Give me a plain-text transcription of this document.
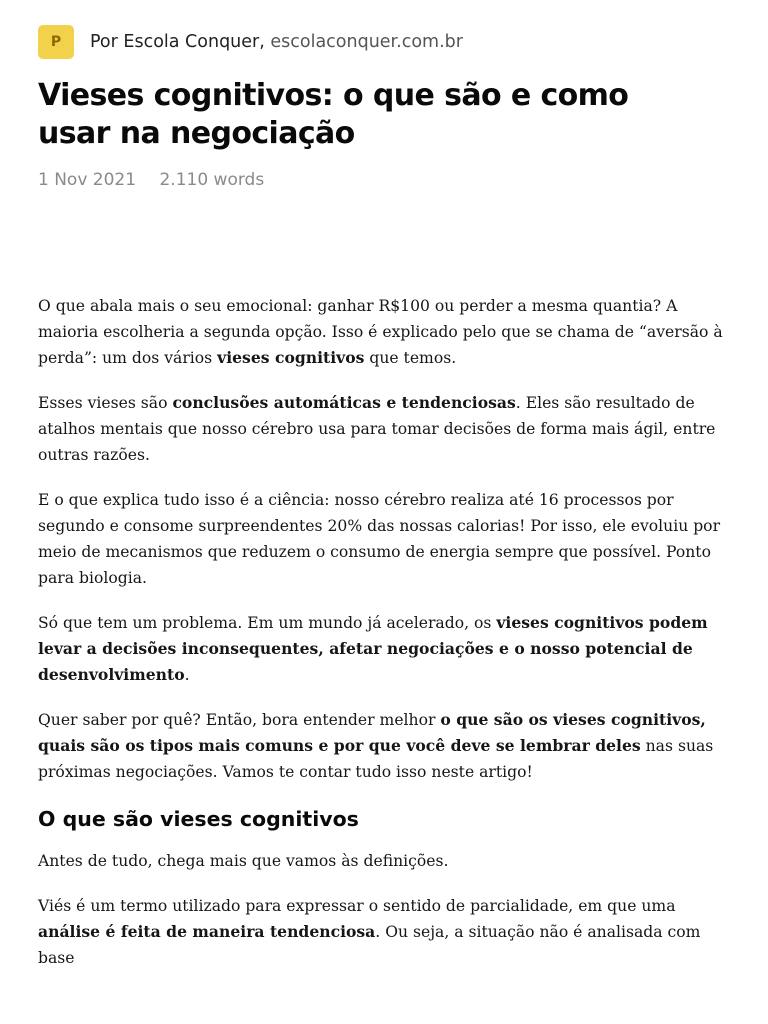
P	Por Escola Conquer, escolaconquer.com.br
Vieses cognitivos: o que são e como usar na negociação
1 Nov 2021 2.110 words

O que abala mais o seu emocional: ganhar R$100 ou perder a mesma quantia? A maioria escolheria a segunda opção. Isso é explicado pelo que se chama de “aversão à perda”: um dos vários vieses cognitivos que temos.

Esses vieses são conclusões automáticas e tendenciosas. Eles são resultado de atalhos mentais que nosso cérebro usa para tomar decisões de forma mais ágil, entre outras razões.

E o que explica tudo isso é a ciência: nosso cérebro realiza até 16 processos por segundo e consome surpreendentes 20% das nossas calorias! Por isso, ele evoluiu por meio de mecanismos que reduzem o consumo de energia sempre que possível. Ponto para biologia.

Só que tem um problema. Em um mundo já acelerado, os vieses cognitivos podem levar a decisões inconsequentes, afetar negociações e o nosso potencial de desenvolvimento.

Quer saber por quê? Então, bora entender melhor o que são os vieses cognitivos, quais são os tipos mais comuns e por que você deve se lembrar deles nas suas próximas negociações. Vamos te contar tudo isso neste artigo!

O que são vieses cognitivos

Antes de tudo, chega mais que vamos às definições.

Viés é um termo utilizado para expressar o sentido de parcialidade, em que uma análise é feita de maneira tendenciosa. Ou seja, a situação não é analisada com base
